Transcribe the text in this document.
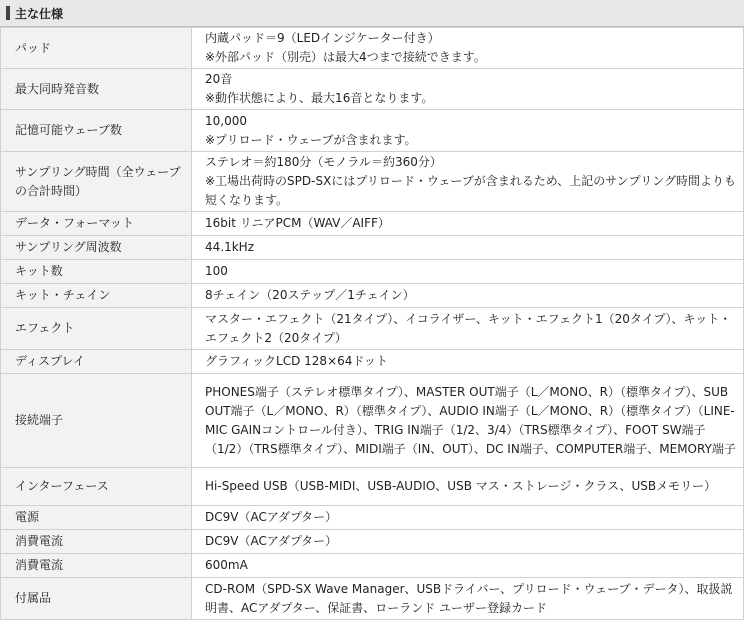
主な仕様
パッド	内蔵パッド＝9（LEDインジケーター付き）
※外部パッド（別売）は最大4つまで接続できます。

最大同時発音数	20音
※動作状態により、最大16音となります。

記憶可能ウェーブ数	10,000
※プリロード・ウェーブが含まれます。

サンプリング時間（全ウェーブの合計時間）	ステレオ＝約180分（モノラル＝約360分）
※工場出荷時のSPD-SXにはプリロード・ウェーブが含まれるため、上記のサンプリング時間よりも短くなります。

データ・フォーマット	16bit リニアPCM（WAV／AIFF）

サンプリング周波数	44.1kHz

キット数	100

キット・チェイン	8チェイン（20ステップ／1チェイン）

エフェクト	マスター・エフェクト（21タイプ）、イコライザー、キット・エフェクト1（20タイプ）、キット・エフェクト2（20タイプ）

ディスプレイ	グラフィックLCD 128×64ドット

接続端子	PHONES端子（ステレオ標準タイプ）、MASTER OUT端子（L／MONO、R）（標準タイプ）、SUB OUT端子（L／MONO、R）（標準タイプ）、AUDIO IN端子（L／MONO、R）（標準タイプ）（LINE-MIC GAINコントロール付き）、TRIG IN端子（1/2、3/4）（TRS標準タイプ）、FOOT SW端子（1/2）（TRS標準タイプ）、MIDI端子（IN、OUT）、DC IN端子、COMPUTER端子、MEMORY端子

インターフェース	Hi-Speed USB（USB-MIDI、USB-AUDIO、USB マス・ストレージ・クラス、USBメモリー）

電源	DC9V（ACアダプター）

消費電流	DC9V（ACアダプター）

消費電流	600mA

付属品	CD-ROM（SPD-SX Wave Manager、USBドライバー、プリロード・ウェーブ・データ）、取扱説明書、ACアダプター、保証書、ローランド ユーザー登録カード
